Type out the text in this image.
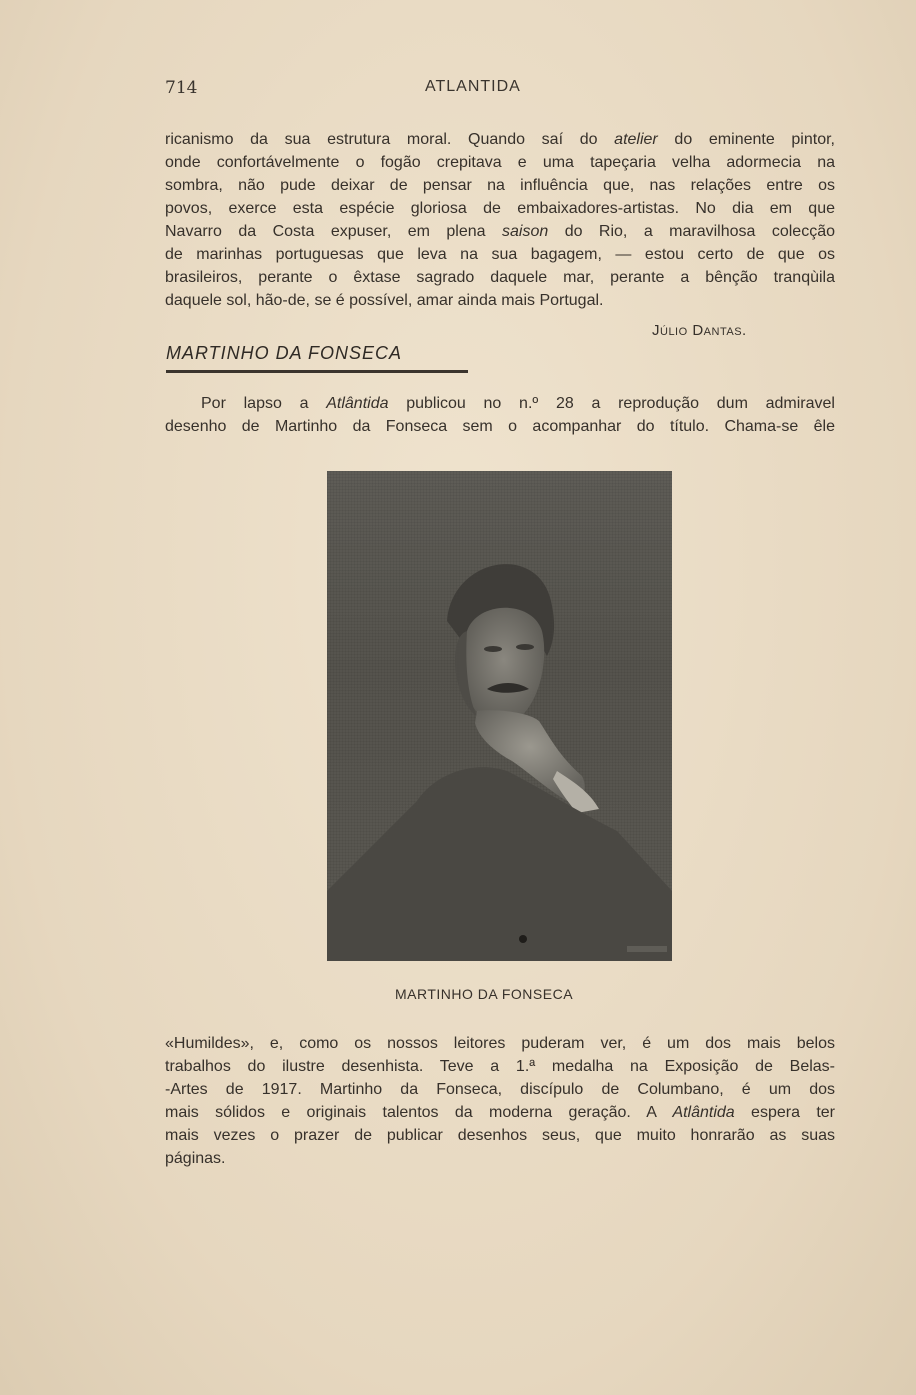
714	ATLANTIDA
ricanismo da sua estrutura moral. Quando saí do atelier do eminente pintor,
onde confortávelmente o fogão crepitava e uma tapeçaria velha adormecia na
sombra, não pude deixar de pensar na influência que, nas relações entre os
povos, exerce esta espécie gloriosa de embaixadores-artistas. No dia em que
Navarro da Costa expuser, em plena saison do Rio, a maravilhosa colecção
de marinhas portuguesas que leva na sua bagagem, — estou certo de que os
brasileiros, perante o êxtase sagrado daquele mar, perante a bênção tranqùila
daquele sol, hão-de, se é possível, amar ainda mais Portugal.
Júlio Dantas.
MARTINHO DA FONSECA
Por lapso a Atlântida publicou no n.º 28 a reprodução dum admiravel
desenho de Martinho da Fonseca sem o acompanhar do título. Chama-se êle
MARTINHO DA FONSECA
«Humildes», e, como os nossos leitores puderam ver, é um dos mais belos
trabalhos do ilustre desenhista. Teve a 1.ª medalha na Exposição de Belas-
-Artes de 1917. Martinho da Fonseca, discípulo de Columbano, é um dos
mais sólidos e originais talentos da moderna geração. A Atlântida espera ter
mais vezes o prazer de publicar desenhos seus, que muito honrarão as suas
páginas.
